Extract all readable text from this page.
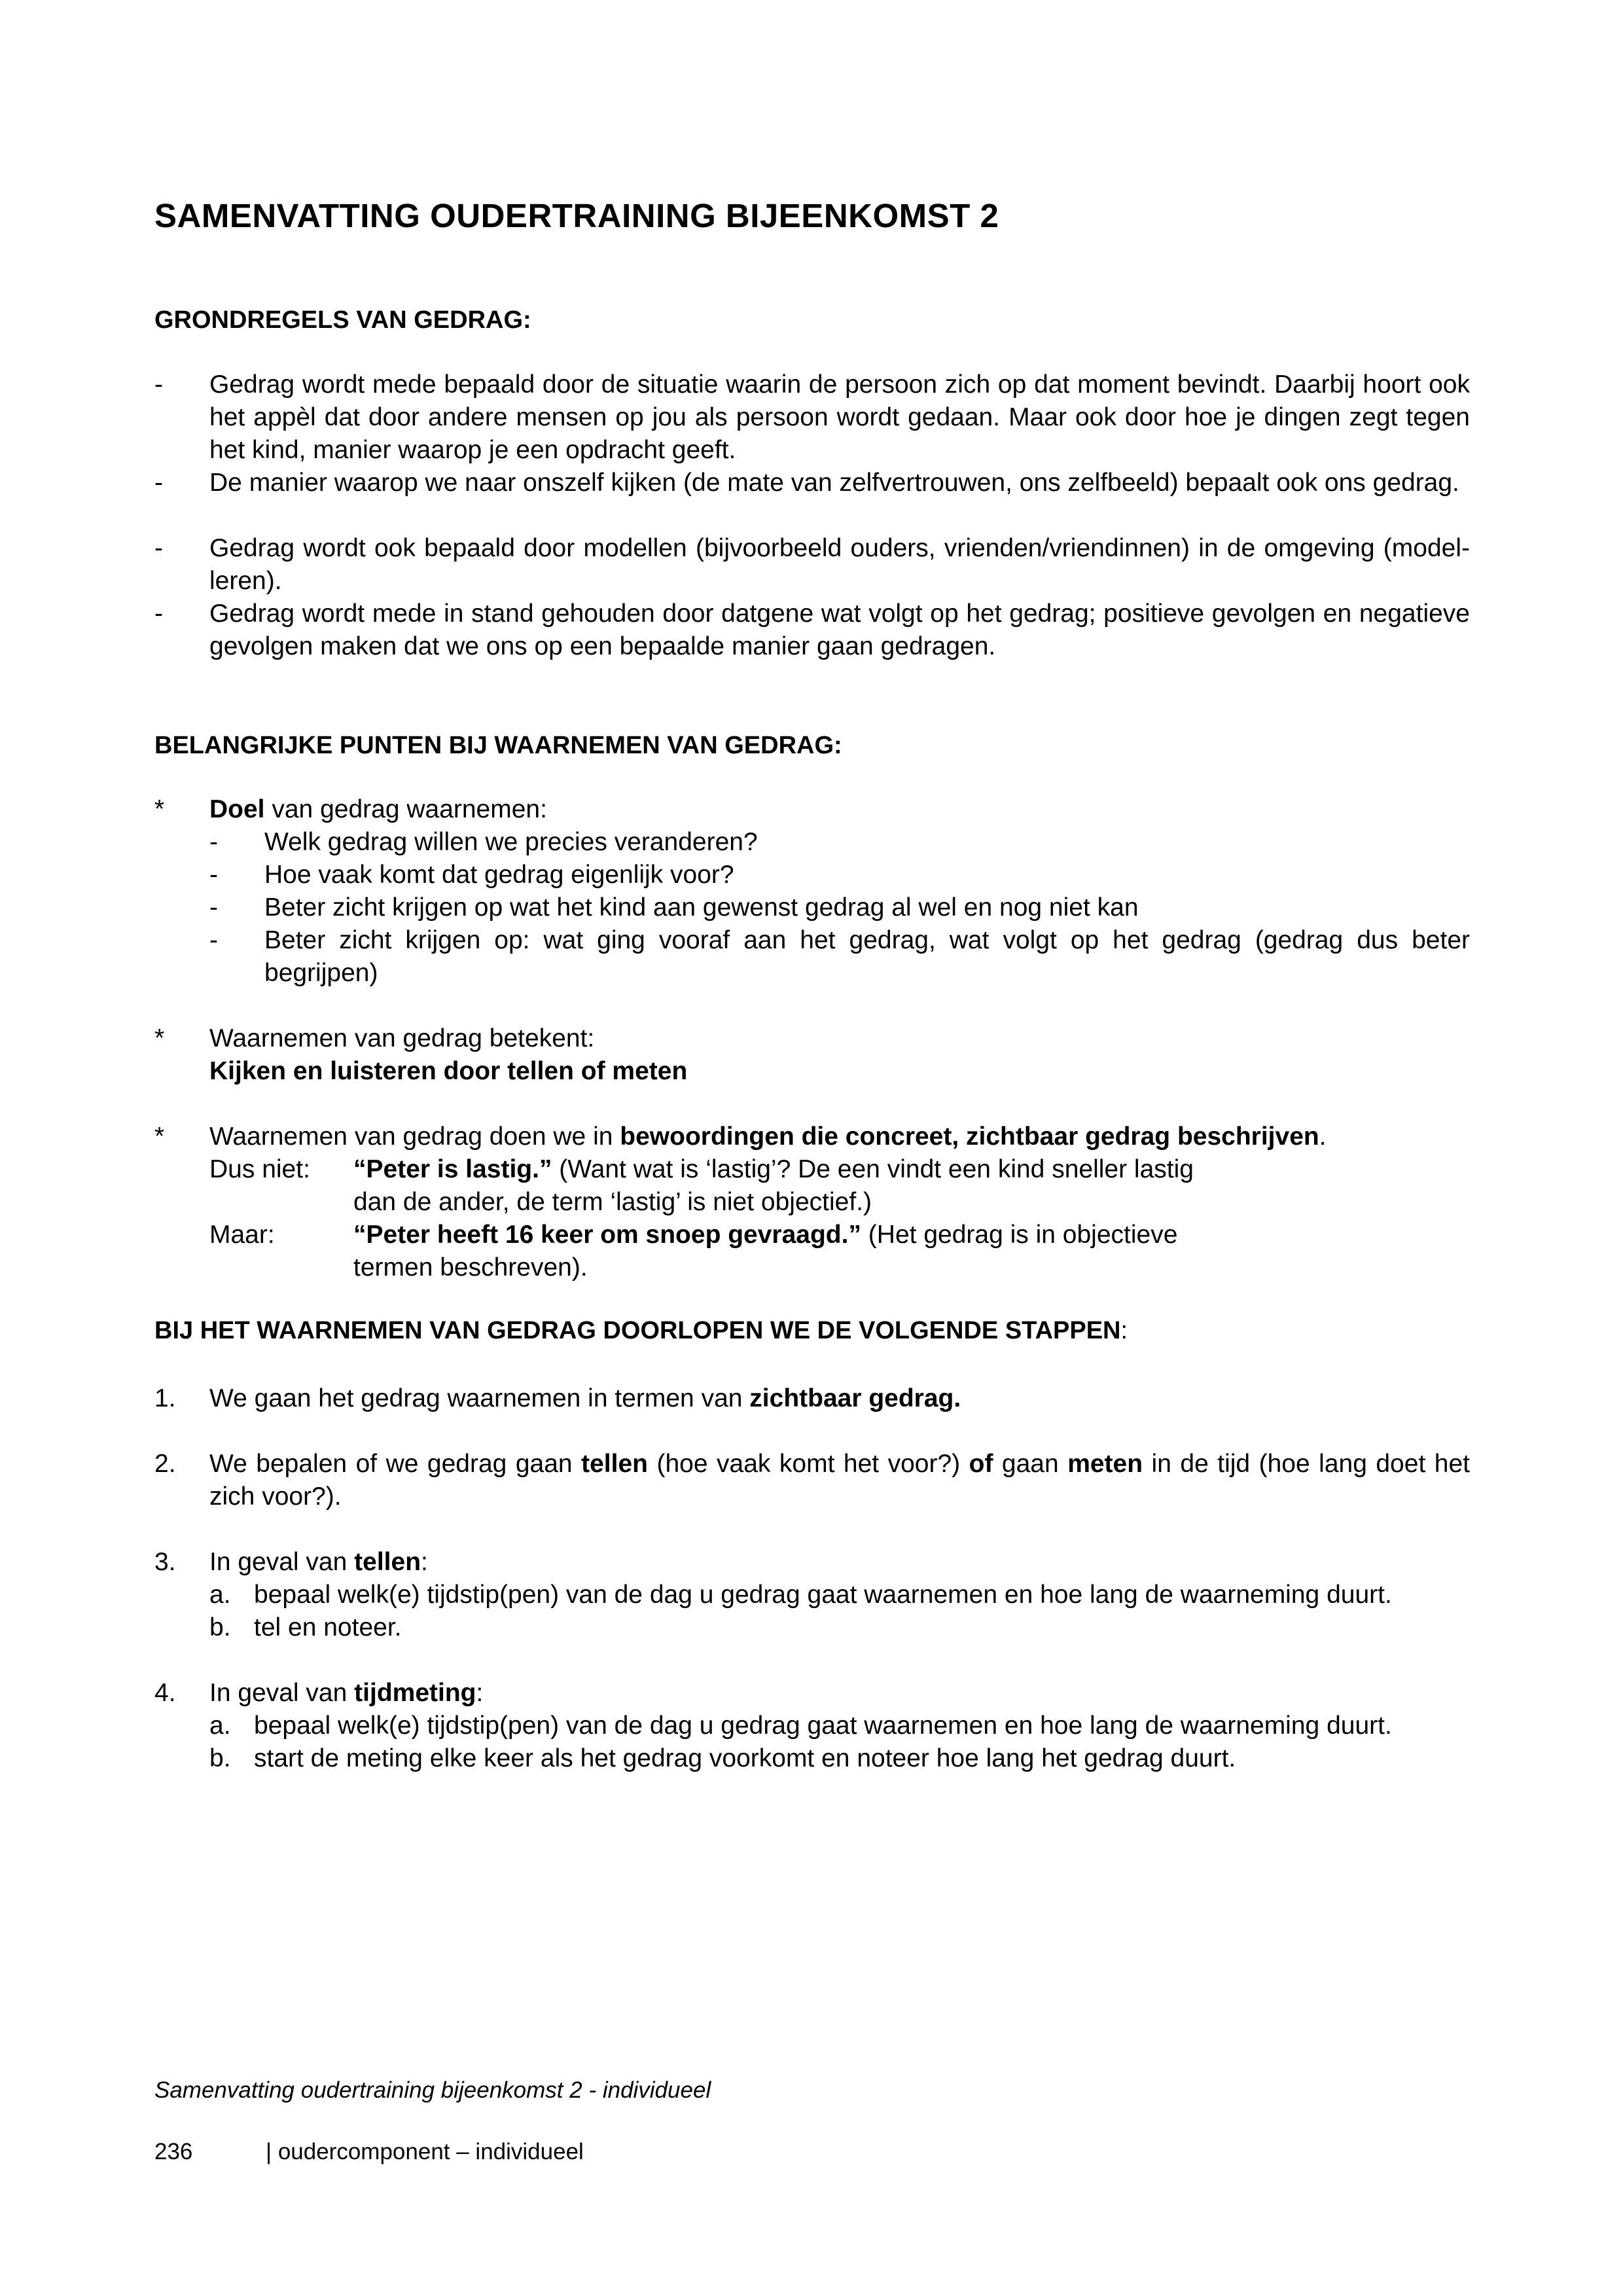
SAMENVATTING OUDERTRAINING BIJEENKOMST 2
GRONDREGELS VAN GEDRAG:
- Gedrag wordt mede bepaald door de situatie waarin de persoon zich op dat moment bevindt. Daarbij hoort ook het appèl dat door andere mensen op jou als persoon wordt gedaan. Maar ook door hoe je dingen zegt tegen het kind, manier waarop je een opdracht geeft.
- De manier waarop we naar onszelf kijken (de mate van zelfvertrouwen, ons zelfbeeld) bepaalt ook ons gedrag.
- Gedrag wordt ook bepaald door modellen (bijvoorbeeld ouders, vrienden/vriendinnen) in de omgeving (model-leren).
- Gedrag wordt mede in stand gehouden door datgene wat volgt op het gedrag; positieve gevolgen en negatieve gevolgen maken dat we ons op een bepaalde manier gaan gedragen.
BELANGRIJKE PUNTEN BIJ WAARNEMEN VAN GEDRAG:
* Doel van gedrag waarnemen:
- Welk gedrag willen we precies veranderen?
- Hoe vaak komt dat gedrag eigenlijk voor?
- Beter zicht krijgen op wat het kind aan gewenst gedrag al wel en nog niet kan
- Beter zicht krijgen op: wat ging vooraf aan het gedrag, wat volgt op het gedrag (gedrag dus beter begrijpen)
* Waarnemen van gedrag betekent:
Kijken en luisteren door tellen of meten
* Waarnemen van gedrag doen we in bewoordingen die concreet, zichtbaar gedrag beschrijven.
Dus niet: “Peter is lastig.” (Want wat is ‘lastig’? De een vindt een kind sneller lastig dan de ander, de term ‘lastig’ is niet objectief.)
Maar:	“Peter heeft 16 keer om snoep gevraagd.” (Het gedrag is in objectieve termen beschreven).
BIJ HET WAARNEMEN VAN GEDRAG DOORLOPEN WE DE VOLGENDE STAPPEN:
1. We gaan het gedrag waarnemen in termen van zichtbaar gedrag.
2. We bepalen of we gedrag gaan tellen (hoe vaak komt het voor?) of gaan meten in de tijd (hoe lang doet het zich voor?).
3. In geval van tellen:
a. bepaal welk(e) tijdstip(pen) van de dag u gedrag gaat waarnemen en hoe lang de waarneming duurt.
b. tel en noteer.
4. In geval van tijdmeting:
a. bepaal welk(e) tijdstip(pen) van de dag u gedrag gaat waarnemen en hoe lang de waarneming duurt.
b. start de meting elke keer als het gedrag voorkomt en noteer hoe lang het gedrag duurt.
Samenvatting oudertraining bijeenkomst 2 - individueel
236	| oudercomponent – individueel
